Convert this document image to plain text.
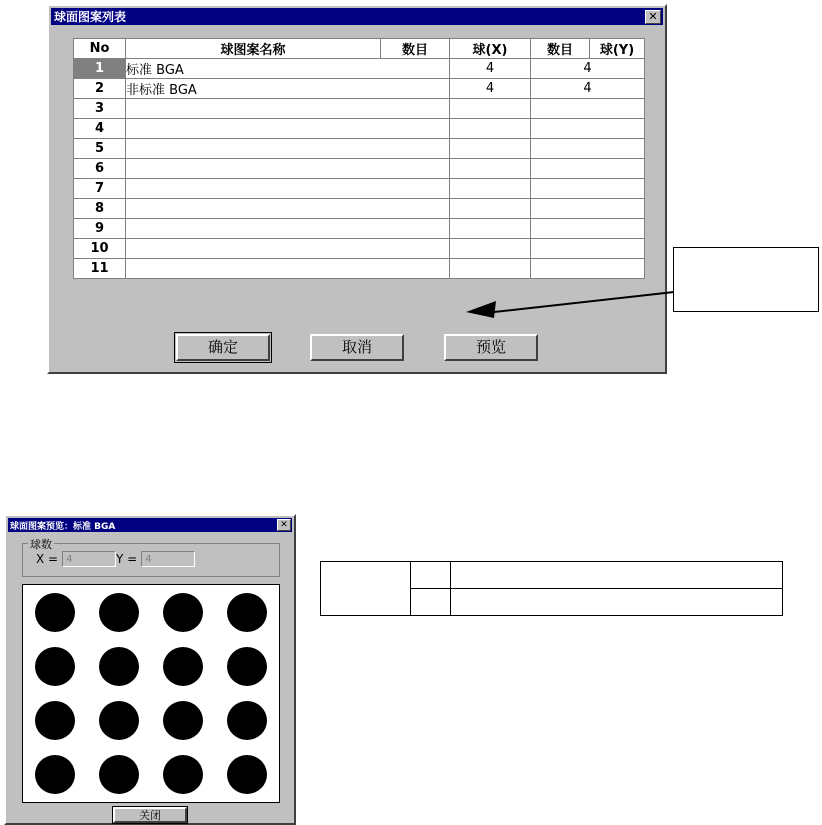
球面图案列表	✕
No	球图案名称	数目	球(X)	数目	球(Y)
1	标准 BGA		4	4	
2	非标准 BGA		4	4	
3					
4					
5					
6					
7					
8					
9					
10					
11					
确定	取消	预览
球面图案预览：标准 BGA	✕
球数
X = 4	Y = 4
关闭
